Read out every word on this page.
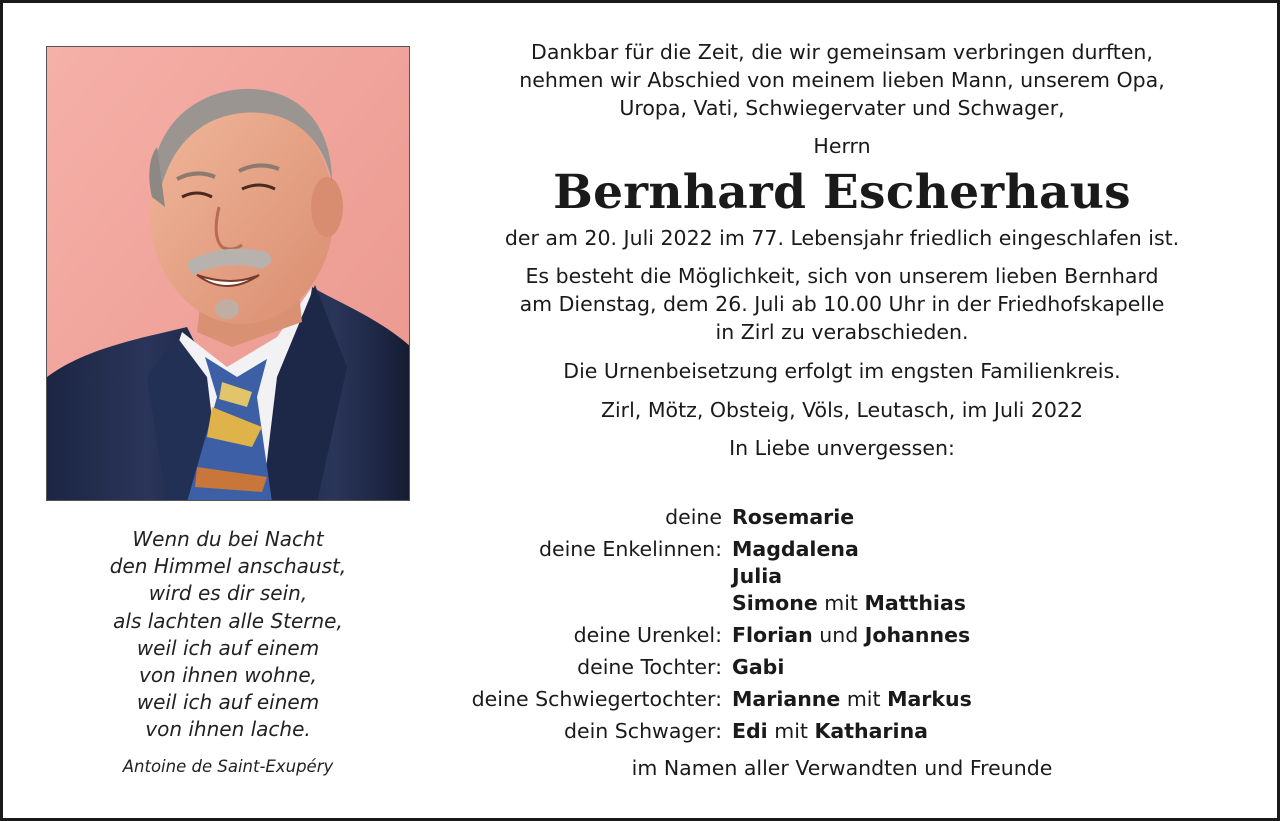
Wenn du bei Nacht
den Himmel anschaust,
wird es dir sein,
als lachten alle Sterne,
weil ich auf einem
von ihnen wohne,
weil ich auf einem
von ihnen lache.
Antoine de Saint-Exupéry
Dankbar für die Zeit, die wir gemeinsam verbringen durften,
nehmen wir Abschied von meinem lieben Mann, unserem Opa,
Uropa, Vati, Schwiegervater und Schwager,
Herrn
Bernhard Escherhaus
der am 20. Juli 2022 im 77. Lebensjahr friedlich eingeschlafen ist.
Es besteht die Möglichkeit, sich von unserem lieben Bernhard
am Dienstag, dem 26. Juli ab 10.00 Uhr in der Friedhofskapelle
in Zirl zu verabschieden.
Die Urnenbeisetzung erfolgt im engsten Familienkreis.
Zirl, Mötz, Obsteig, Völs, Leutasch, im Juli 2022
In Liebe unvergessen:
deine Rosemarie
deine Enkelinnen: Magdalena
Julia
Simone mit Matthias
deine Urenkel: Florian und Johannes
deine Tochter: Gabi
deine Schwiegertochter: Marianne mit Markus
dein Schwager: Edi mit Katharina
im Namen aller Verwandten und Freunde
